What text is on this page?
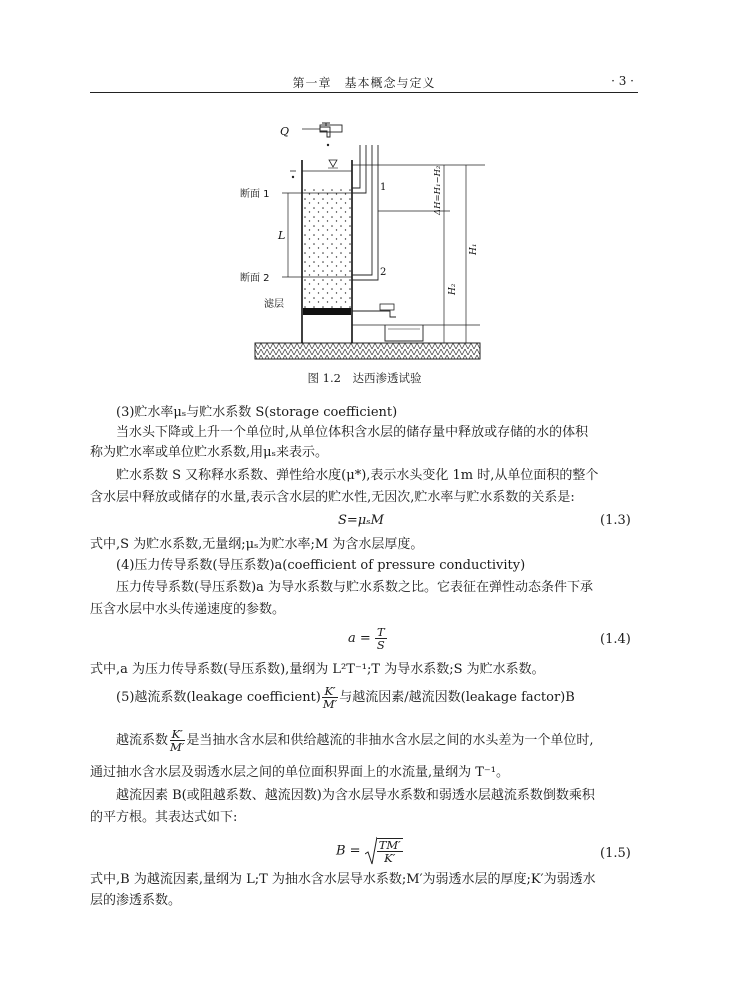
第一章　基本概念与定义	· 3 ·
Q
断面 1
断面 2
滤层
L
1
2
ΔH=H₁−H₂
H₁
H₂
图 1.2　达西渗透试验
(3)贮水率μₛ与贮水系数 S(storage coefficient)
当水头下降或上升一个单位时,从单位体积含水层的储存量中释放或存储的水的体积
称为贮水率或单位贮水系数,用μₛ来表示。
贮水系数 S 又称释水系数、弹性给水度(μ*),表示水头变化 1m 时,从单位面积的整个
含水层中释放或储存的水量,表示含水层的贮水性,无因次,贮水率与贮水系数的关系是:
S=μₛM	(1.3)
式中,S 为贮水系数,无量纲;μₛ为贮水率;M 为含水层厚度。
(4)压力传导系数(导压系数)a(coefficient of pressure conductivity)
压力传导系数(导压系数)a 为导水系数与贮水系数之比。它表征在弹性动态条件下承
压含水层中水头传递速度的参数。
$a = \frac{T}{S}$	(1.4)
式中,a 为压力传导系数(导压系数),量纲为 L²T⁻¹;T 为导水系数;S 为贮水系数。
(5)越流系数(leakage coefficient) $\frac{K'}{M'}$ 与越流因素/越流因数(leakage factor)B
越流系数 $\frac{K'}{M'}$ 是当抽水含水层和供给越流的非抽水含水层之间的水头差为一个单位时,
通过抽水含水层及弱透水层之间的单位面积界面上的水流量,量纲为 T⁻¹。
越流因素 B(或阻越系数、越流因数)为含水层导水系数和弱透水层越流系数倒数乘积
的平方根。其表达式如下:
$B = \frac{TM'}{K'}$	(1.5)
式中,B 为越流因素,量纲为 L;T 为抽水含水层导水系数;M′为弱透水层的厚度;K′为弱透水
层的渗透系数。
